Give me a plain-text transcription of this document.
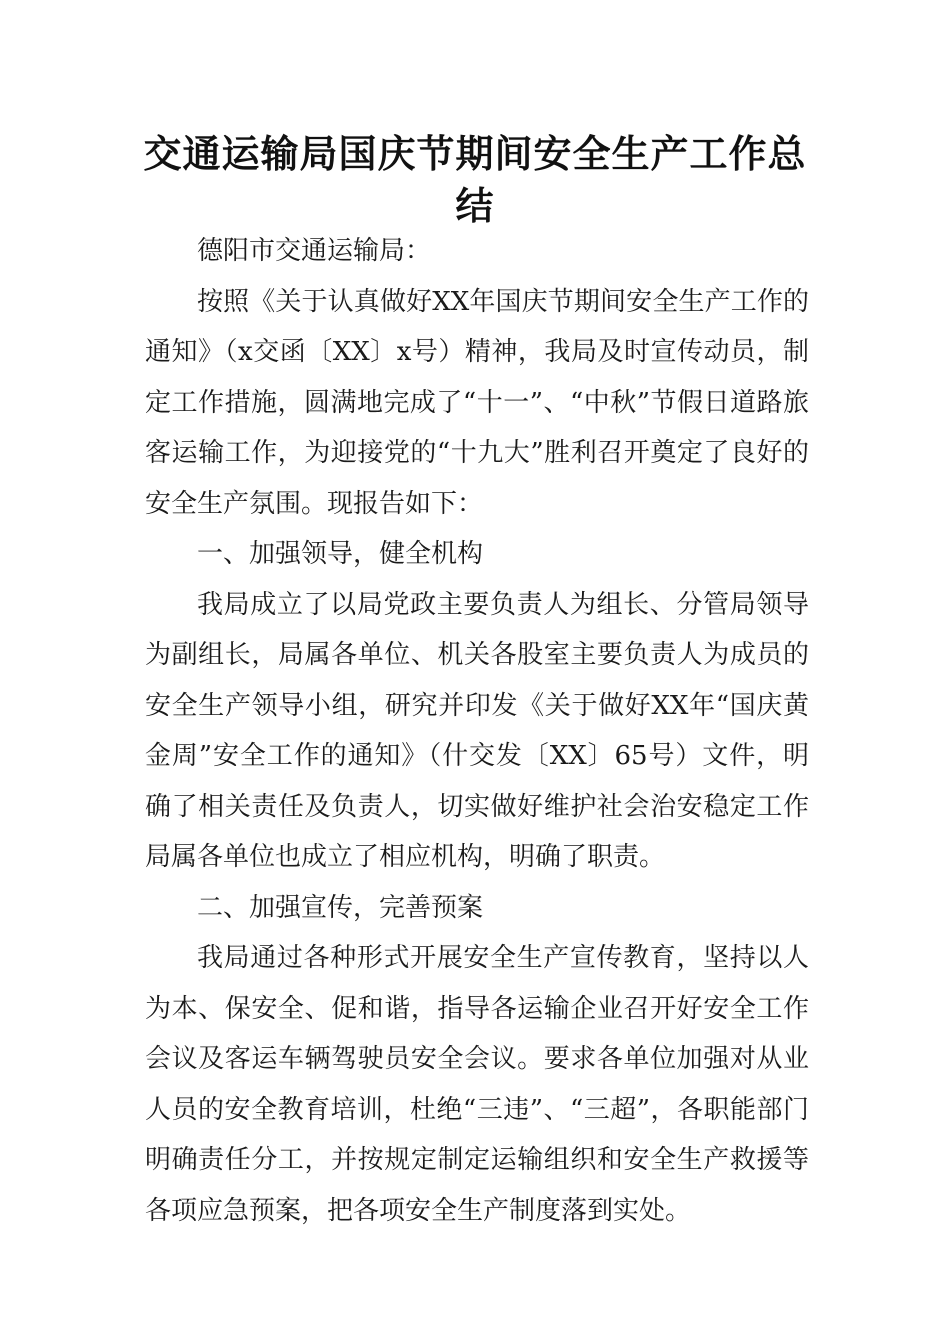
交通运输局国庆节期间安全生产工作总结

德阳市交通运输局：

按照《关于认真做好XX年国庆节期间安全生产工作的通知》（x交函〔XX〕x号）精神，我局及时宣传动员，制定工作措施，圆满地完成了“十一”、“中秋”节假日道路旅客运输工作，为迎接党的“十九大”胜利召开奠定了良好的安全生产氛围。现报告如下：

一、加强领导，健全机构

我局成立了以局党政主要负责人为组长、分管局领导为副组长，局属各单位、机关各股室主要负责人为成员的安全生产领导小组，研究并印发《关于做好XX年“国庆黄金周”安全工作的通知》（什交发〔XX〕65号）文件，明确了相关责任及负责人，切实做好维护社会治安稳定工作局属各单位也成立了相应机构，明确了职责。

二、加强宣传，完善预案

我局通过各种形式开展安全生产宣传教育，坚持以人为本、保安全、促和谐，指导各运输企业召开好安全工作会议及客运车辆驾驶员安全会议。要求各单位加强对从业人员的安全教育培训，杜绝“三违”、“三超”，各职能部门明确责任分工，并按规定制定运输组织和安全生产救援等各项应急预案，把各项安全生产制度落到实处。
